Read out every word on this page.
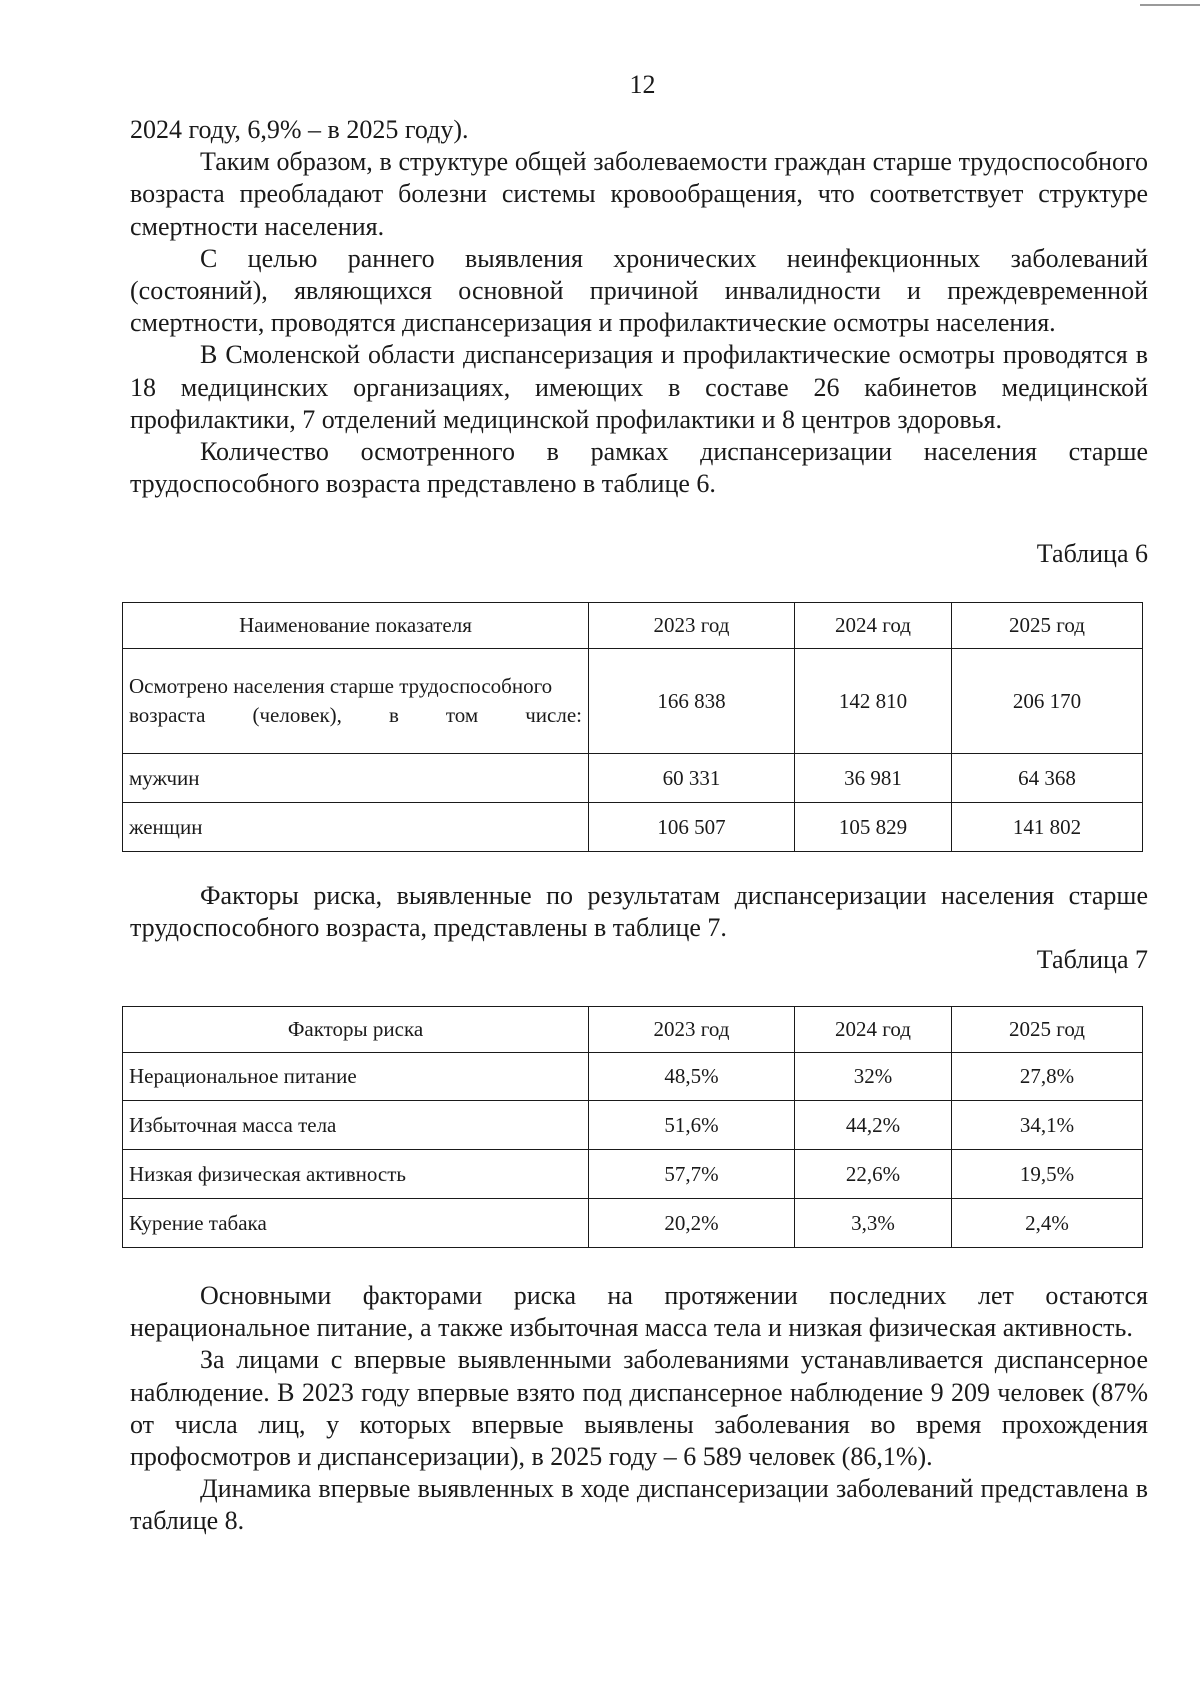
12

2024 году, 6,9% – в 2025 году).

Таким образом, в структуре общей заболеваемости граждан старше трудоспособного возраста преобладают болезни системы кровообращения, что соответствует структуре смертности населения.

С целью раннего выявления хронических неинфекционных заболеваний (состояний), являющихся основной причиной инвалидности и преждевременной смертности, проводятся диспансеризация и профилактические осмотры населения.

В Смоленской области диспансеризация и профилактические осмотры проводятся в 18 медицинских организациях, имеющих в составе 26 кабинетов медицинской профилактики, 7 отделений медицинской профилактики и 8 центров здоровья.

Количество осмотренного в рамках диспансеризации населения старше трудоспособного возраста представлено в таблице 6.

Таблица 6

Наименование показателя	2023 год	2024 год	2025 год
Осмотрено населения старше трудоспособного возраста (человек), в том числе:	166 838	142 810	206 170
мужчин	60 331	36 981	64 368
женщин	106 507	105 829	141 802

Факторы риска, выявленные по результатам диспансеризации населения старше трудоспособного возраста, представлены в таблице 7.

Таблица 7

Факторы риска	2023 год	2024 год	2025 год
Нерациональное питание	48,5%	32%	27,8%
Избыточная масса тела	51,6%	44,2%	34,1%
Низкая физическая активность	57,7%	22,6%	19,5%
Курение табака	20,2%	3,3%	2,4%

Основными факторами риска на протяжении последних лет остаются нерациональное питание, а также избыточная масса тела и низкая физическая активность.

За лицами с впервые выявленными заболеваниями устанавливается диспансерное наблюдение. В 2023 году впервые взято под диспансерное наблюдение 9 209 человек (87% от числа лиц, у которых впервые выявлены заболевания во время прохождения профосмотров и диспансеризации), в 2025 году – 6 589 человек (86,1%).

Динамика впервые выявленных в ходе диспансеризации заболеваний представлена в таблице 8.
